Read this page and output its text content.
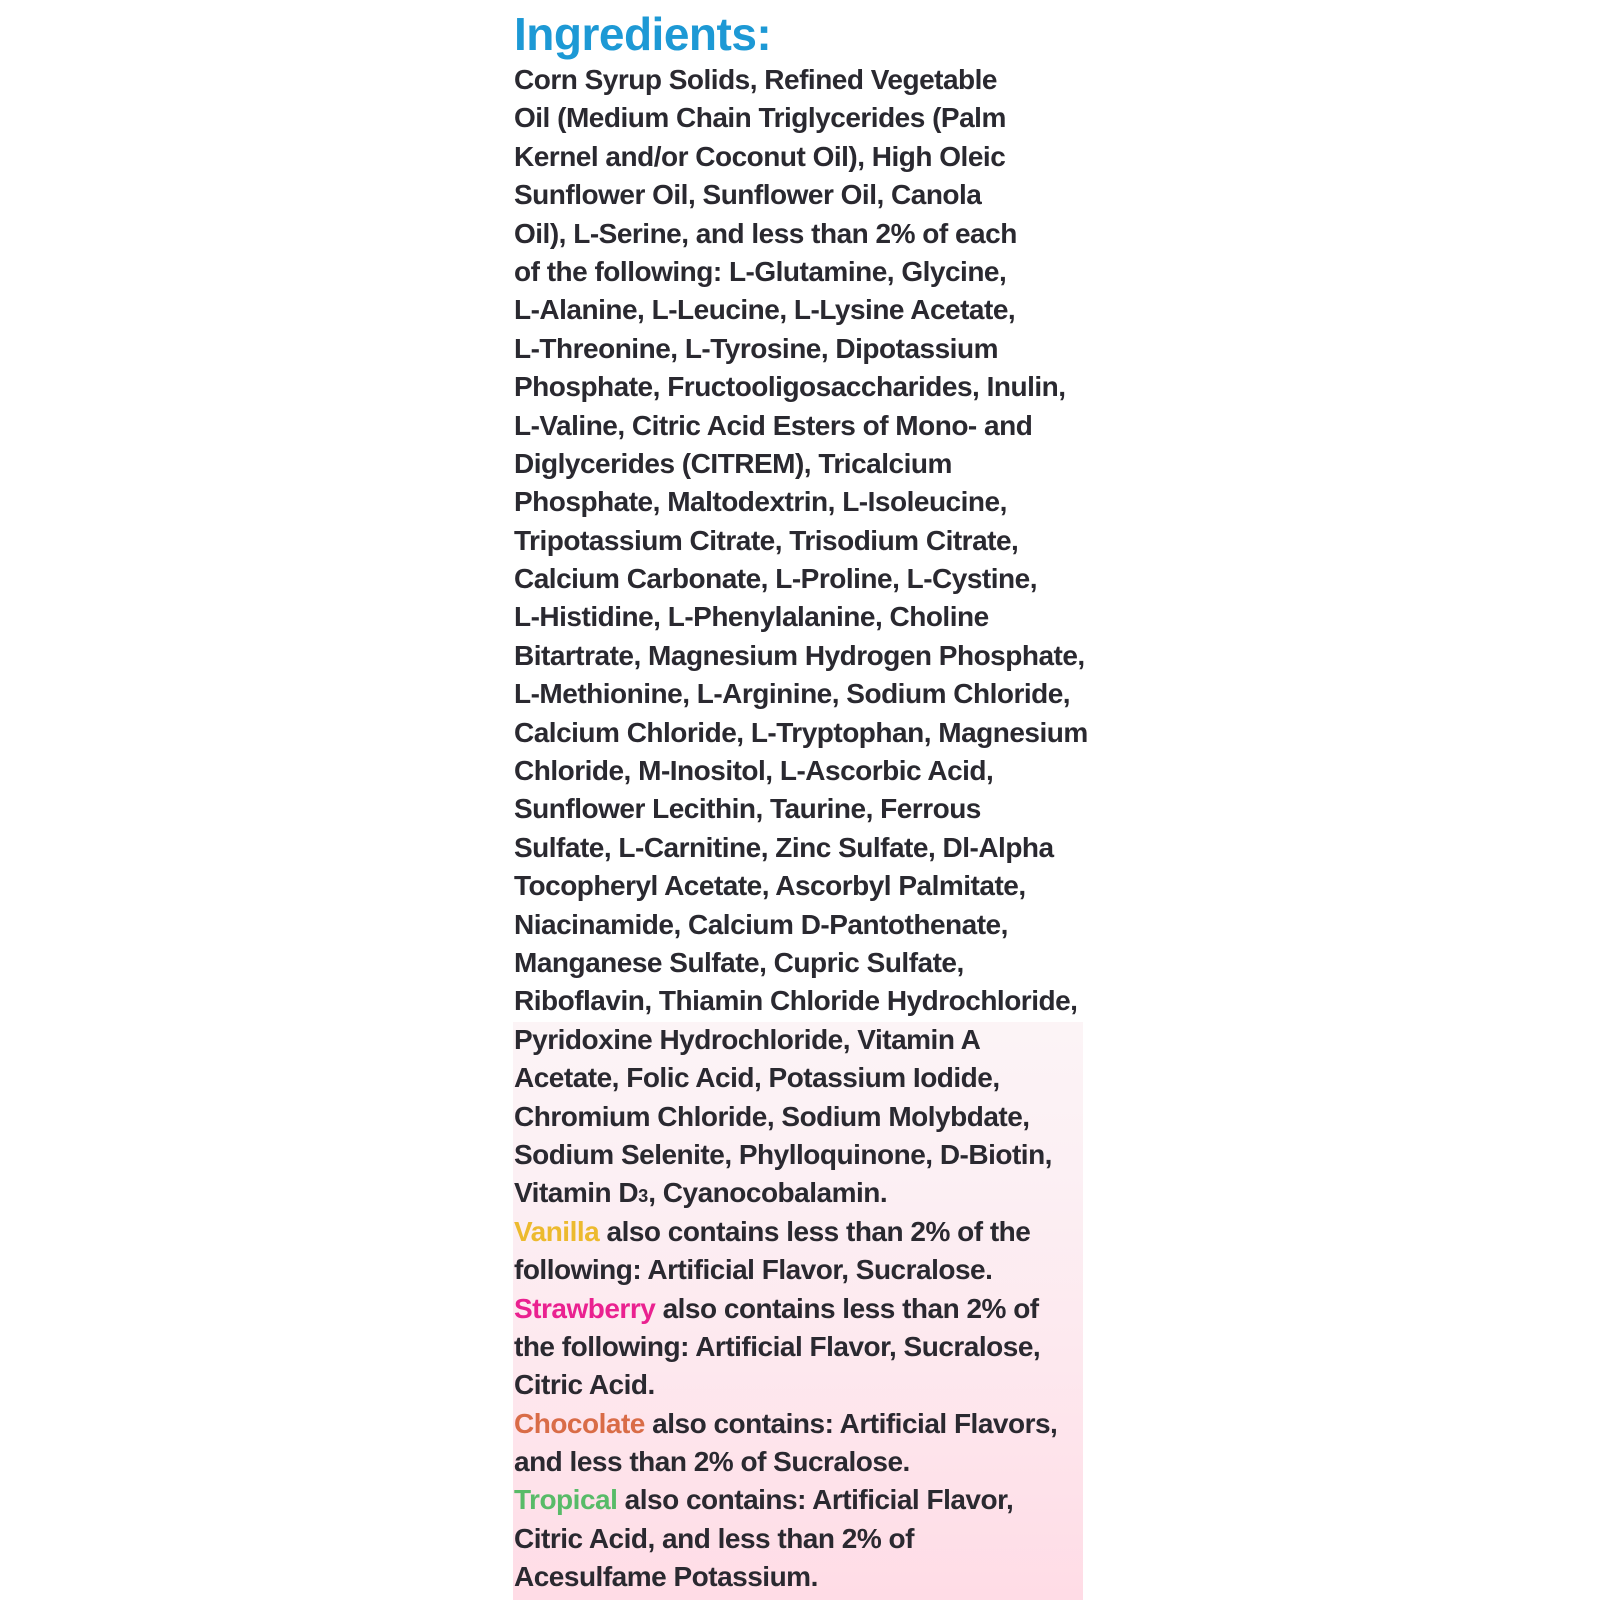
Ingredients:
Corn Syrup Solids, Refined Vegetable
Oil (Medium Chain Triglycerides (Palm
Kernel and/or Coconut Oil), High Oleic
Sunflower Oil, Sunflower Oil, Canola
Oil), L-Serine, and less than 2% of each
of the following: L-Glutamine, Glycine,
L-Alanine, L-Leucine, L-Lysine Acetate,
L-Threonine, L-Tyrosine, Dipotassium
Phosphate, Fructooligosaccharides, Inulin,
L-Valine, Citric Acid Esters of Mono- and
Diglycerides (CITREM), Tricalcium
Phosphate, Maltodextrin, L-Isoleucine,
Tripotassium Citrate, Trisodium Citrate,
Calcium Carbonate, L-Proline, L-Cystine,
L-Histidine, L-Phenylalanine, Choline
Bitartrate, Magnesium Hydrogen Phosphate,
L-Methionine, L-Arginine, Sodium Chloride,
Calcium Chloride, L-Tryptophan, Magnesium
Chloride, M-Inositol, L-Ascorbic Acid,
Sunflower Lecithin, Taurine, Ferrous
Sulfate, L-Carnitine, Zinc Sulfate, Dl-Alpha
Tocopheryl Acetate, Ascorbyl Palmitate,
Niacinamide, Calcium D-Pantothenate,
Manganese Sulfate, Cupric Sulfate,
Riboflavin, Thiamin Chloride Hydrochloride,
Pyridoxine Hydrochloride, Vitamin A
Acetate, Folic Acid, Potassium Iodide,
Chromium Chloride, Sodium Molybdate,
Sodium Selenite, Phylloquinone, D-Biotin,
Vitamin D3, Cyanocobalamin.
Vanilla also contains less than 2% of the
following: Artificial Flavor, Sucralose.
Strawberry also contains less than 2% of
the following: Artificial Flavor, Sucralose,
Citric Acid.
Chocolate also contains: Artificial Flavors,
and less than 2% of Sucralose.
Tropical also contains: Artificial Flavor,
Citric Acid, and less than 2% of
Acesulfame Potassium.
